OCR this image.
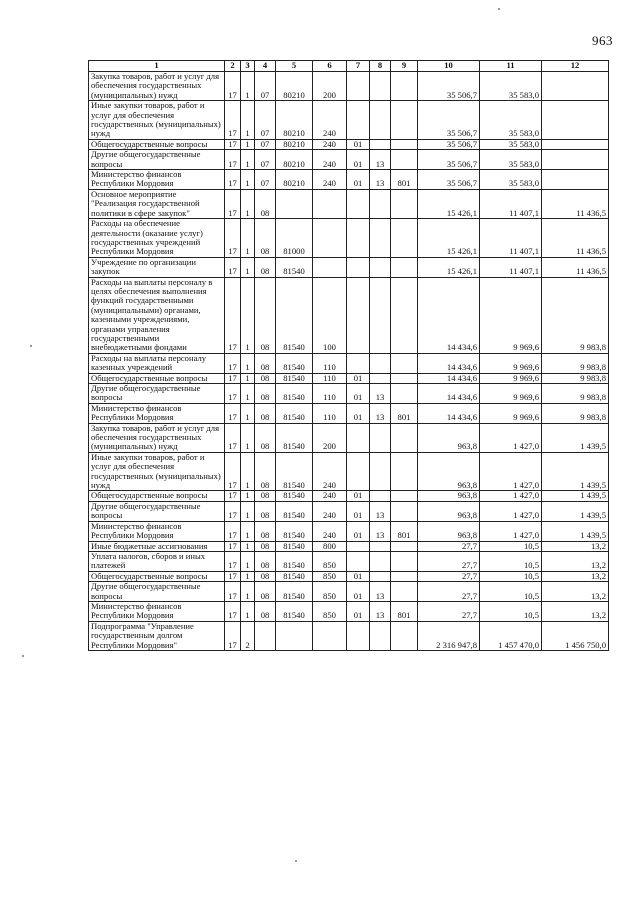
963
1	2	3	4	5	6	7	8	9	10	11	12
Закупка товаров, работ и услуг для обеспечения государственных (муниципальных) нужд	17	1	07	80210	200				35 506,7	35 583,0	
Иные закупки товаров, работ и услуг для обеспечения государственных (муниципальных) нужд	17	1	07	80210	240				35 506,7	35 583,0	
Общегосударственные вопросы	17	1	07	80210	240	01			35 506,7	35 583,0	
Другие общегосударственные вопросы	17	1	07	80210	240	01	13		35 506,7	35 583,0	
Министерство финансов Республики Мордовия	17	1	07	80210	240	01	13	801	35 506,7	35 583,0	
Основное мероприятие "Реализация государственной политики в сфере закупок"	17	1	08						15 426,1	11 407,1	11 436,5
Расходы на обеспечение деятельности (оказание услуг) государственных учреждений Республики Мордовия	17	1	08	81000					15 426,1	11 407,1	11 436,5
Учреждение по организации закупок	17	1	08	81540					15 426,1	11 407,1	11 436,5
Расходы на выплаты персоналу в целях обеспечения выполнения функций государственными (муниципальными) органами, казенными учреждениями, органами управления государственными внебюджетными фондами	17	1	08	81540	100				14 434,6	9 969,6	9 983,8
Расходы на выплаты персоналу казенных учреждений	17	1	08	81540	110				14 434,6	9 969,6	9 983,8
Общегосударственные вопросы	17	1	08	81540	110	01			14 434,6	9 969,6	9 983,8
Другие общегосударственные вопросы	17	1	08	81540	110	01	13		14 434,6	9 969,6	9 983,8
Министерство финансов Республики Мордовия	17	1	08	81540	110	01	13	801	14 434,6	9 969,6	9 983,8
Закупка товаров, работ и услуг для обеспечения государственных (муниципальных) нужд	17	1	08	81540	200				963,8	1 427,0	1 439,5
Иные закупки товаров, работ и услуг для обеспечения государственных (муниципальных) нужд	17	1	08	81540	240				963,8	1 427,0	1 439,5
Общегосударственные вопросы	17	1	08	81540	240	01			963,8	1 427,0	1 439,5
Другие общегосударственные вопросы	17	1	08	81540	240	01	13		963,8	1 427,0	1 439,5
Министерство финансов Республики Мордовия	17	1	08	81540	240	01	13	801	963,8	1 427,0	1 439,5
Иные бюджетные ассигнования	17	1	08	81540	800				27,7	10,5	13,2
Уплата налогов, сборов и иных платежей	17	1	08	81540	850				27,7	10,5	13,2
Общегосударственные вопросы	17	1	08	81540	850	01			27,7	10,5	13,2
Другие общегосударственные вопросы	17	1	08	81540	850	01	13		27,7	10,5	13,2
Министерство финансов Республики Мордовия	17	1	08	81540	850	01	13	801	27,7	10,5	13,2
Подпрограмма "Управление государственным долгом Республики Мордовия"	17	2							2 316 947,8	1 457 470,0	1 456 750,0
